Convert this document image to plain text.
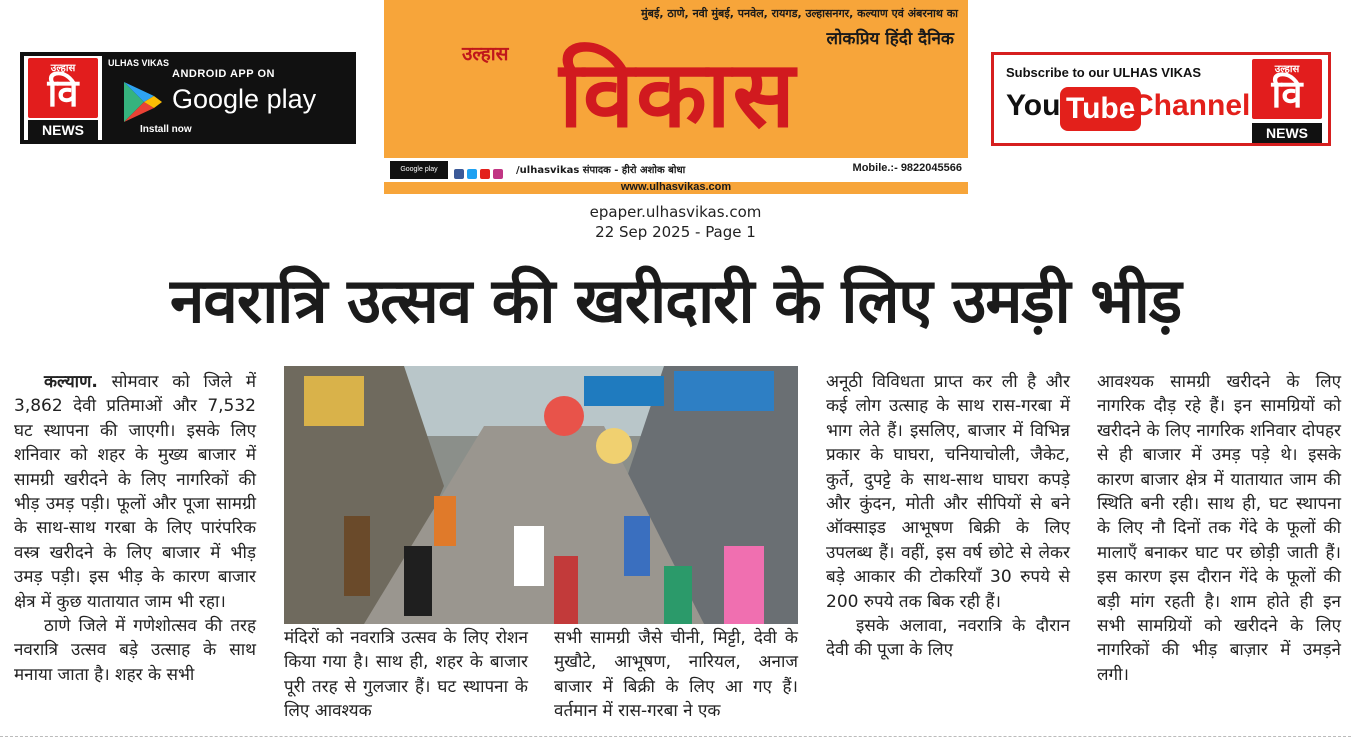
उल्हास
वि
NEWS
ULHAS VIKAS
ANDROID APP ON
Google play
Install now
मुंबई, ठाणे, नवी मुंबई, पनवेल, रायगड, उल्हासनगर, कल्याण एवं अंबरनाथ का
लोकप्रिय हिंदी दैनिक
उल्हास विकास
Google play	/ulhasvikas संपादक - हीरो अशोक बोधा	Mobile.:- 9822045566
www.ulhasvikas.com
Subscribe to our ULHAS VIKAS
You Tube
Channel
उल्हास
वि
NEWS
epaper.ulhasvikas.com
22 Sep 2025 - Page 1
नवरात्रि उत्सव की खरीदारी के लिए उमड़ी भीड़

कल्याण. सोमवार को जिले में 3,862 देवी प्रतिमाओं और 7,532 घट स्थापना की जाएगी। इसके लिए शनिवार को शहर के मुख्य बाजार में सामग्री खरीदने के लिए नागरिकों की भीड़ उमड़ पड़ी। फूलों और पूजा सामग्री के साथ-साथ गरबा के लिए पारंपरिक वस्त्र खरीदने के लिए बाजार में भीड़ उमड़ पड़ी। इस भीड़ के कारण बाजार क्षेत्र में कुछ यातायात जाम भी रहा।

ठाणे जिले में गणेशोत्सव की तरह नवरात्रि उत्सव बड़े उत्साह के साथ मनाया जाता है। शहर के सभी

मंदिरों को नवरात्रि उत्सव के लिए रोशन किया गया है। साथ ही, शहर के बाजार पूरी तरह से गुलजार हैं। घट स्थापना के लिए आवश्यक

सभी सामग्री जैसे चीनी, मिट्टी, देवी के मुखौटे, आभूषण, नारियल, अनाज बाजार में बिक्री के लिए आ गए हैं। वर्तमान में रास-गरबा ने एक

अनूठी विविधता प्राप्त कर ली है और कई लोग उत्साह के साथ रास-गरबा में भाग लेते हैं। इसलिए, बाजार में विभिन्न प्रकार के घाघरा, चनियाचोली, जैकेट, कुर्ते, दुपट्टे के साथ-साथ घाघरा कपड़े और कुंदन, मोती और सीपियों से बने ऑक्साइड आभूषण बिक्री के लिए उपलब्ध हैं। वहीं, इस वर्ष छोटे से लेकर बड़े आकार की टोकरियाँ 30 रुपये से 200 रुपये तक बिक रही हैं।

इसके अलावा, नवरात्रि के दौरान देवी की पूजा के लिए

आवश्यक सामग्री खरीदने के लिए नागरिक दौड़ रहे हैं। इन सामग्रियों को खरीदने के लिए नागरिक शनिवार दोपहर से ही बाजार में उमड़ पड़े थे। इसके कारण बाजार क्षेत्र में यातायात जाम की स्थिति बनी रही। साथ ही, घट स्थापना के लिए नौ दिनों तक गेंदे के फूलों की मालाएँ बनाकर घाट पर छोड़ी जाती हैं। इस कारण इस दौरान गेंदे के फूलों की बड़ी मांग रहती है। शाम होते ही इन सभी सामग्रियों को खरीदने के लिए नागरिकों की भीड़ बाज़ार में उमड़ने लगी।
